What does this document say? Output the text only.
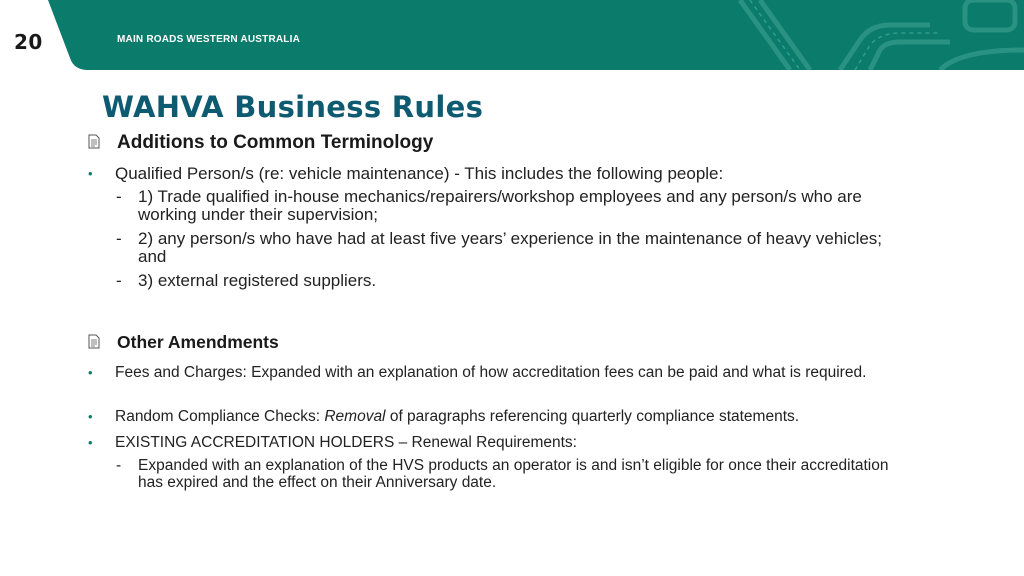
20	MAIN ROADS WESTERN AUSTRALIA
WAHVA Business Rules
Additions to Common Terminology
• Qualified Person/s (re: vehicle maintenance) - This includes the following people:
- 1) Trade qualified in-house mechanics/repairers/workshop employees and any person/s who are working under their supervision;
- 2) any person/s who have had at least five years’ experience in the maintenance of heavy vehicles; and
- 3) external registered suppliers.
Other Amendments
• Fees and Charges: Expanded with an explanation of how accreditation fees can be paid and what is required.
• Random Compliance Checks: Removal of paragraphs referencing quarterly compliance statements.
• EXISTING ACCREDITATION HOLDERS – Renewal Requirements:
- Expanded with an explanation of the HVS products an operator is and isn’t eligible for once their accreditation has expired and the effect on their Anniversary date.
